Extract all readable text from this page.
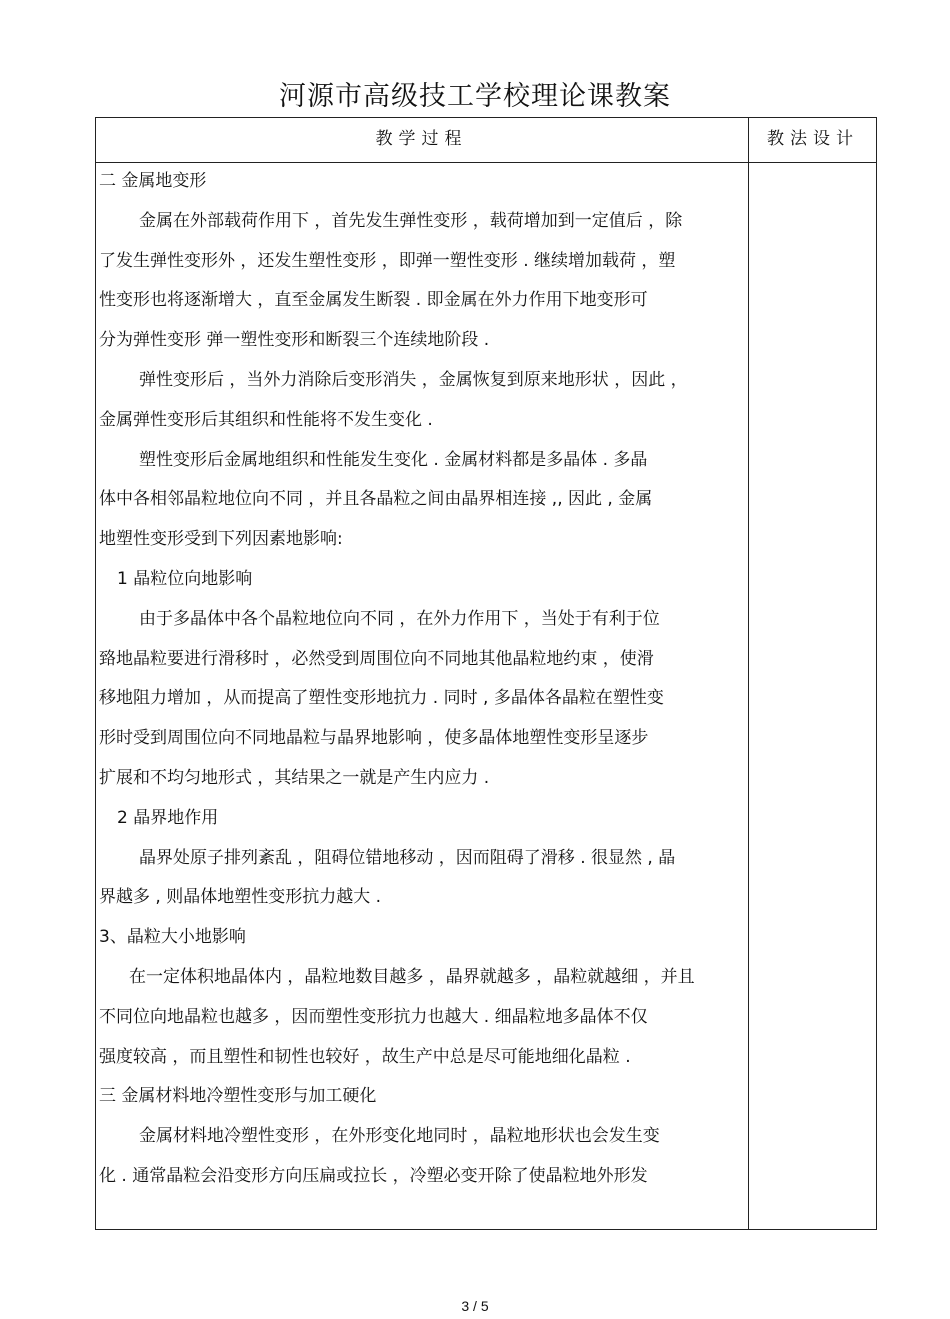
河源市高级技工学校理论课教案
教学过程	教法设计

二 金属地变形

金属在外部载荷作用下 ，首先发生弹性变形 ，载荷增加到一定值后 ，除

了发生弹性变形外 ，还发生塑性变形 ，即弹一塑性变形 . 继续增加载荷 ，塑

性变形也将逐渐增大 ，直至金属发生断裂 . 即金属在外力作用下地变形可

分为弹性变形 弹一塑性变形和断裂三个连续地阶段 .

弹性变形后 ，当外力消除后变形消失 ，金属恢复到原来地形状 ，因此 ，

金属弹性变形后其组织和性能将不发生变化 .

塑性变形后金属地组织和性能发生变化 . 金属材料都是多晶体 . 多晶

体中各相邻晶粒地位向不同 ，并且各晶粒之间由晶界相连接 ,, 因此 , 金属

地塑性变形受到下列因素地影响:

1 晶粒位向地影响

由于多晶体中各个晶粒地位向不同 ，在外力作用下 ，当处于有利于位

臵地晶粒要进行滑移时 ，必然受到周围位向不同地其他晶粒地约束 ，使滑

移地阻力增加 ，从而提高了塑性变形地抗力 . 同时 , 多晶体各晶粒在塑性变

形时受到周围位向不同地晶粒与晶界地影响 ，使多晶体地塑性变形呈逐步

扩展和不均匀地形式 ，其结果之一就是产生内应力 .

2 晶界地作用

晶界处原子排列紊乱 ，阻碍位错地移动 ，因而阻碍了滑移 . 很显然 , 晶

界越多 , 则晶体地塑性变形抗力越大 .

3、晶粒大小地影响

在一定体积地晶体内 ，晶粒地数目越多 ，晶界就越多 ，晶粒就越细 ，并且

不同位向地晶粒也越多 ，因而塑性变形抗力也越大 . 细晶粒地多晶体不仅

强度较高 ，而且塑性和韧性也较好 ，故生产中总是尽可能地细化晶粒 .

三 金属材料地冷塑性变形与加工硬化

金属材料地冷塑性变形 ，在外形变化地同时 ，晶粒地形状也会发生变

化 . 通常晶粒会沿变形方向压扁或拉长 ，冷塑必变开除了使晶粒地外形发

3 / 5
